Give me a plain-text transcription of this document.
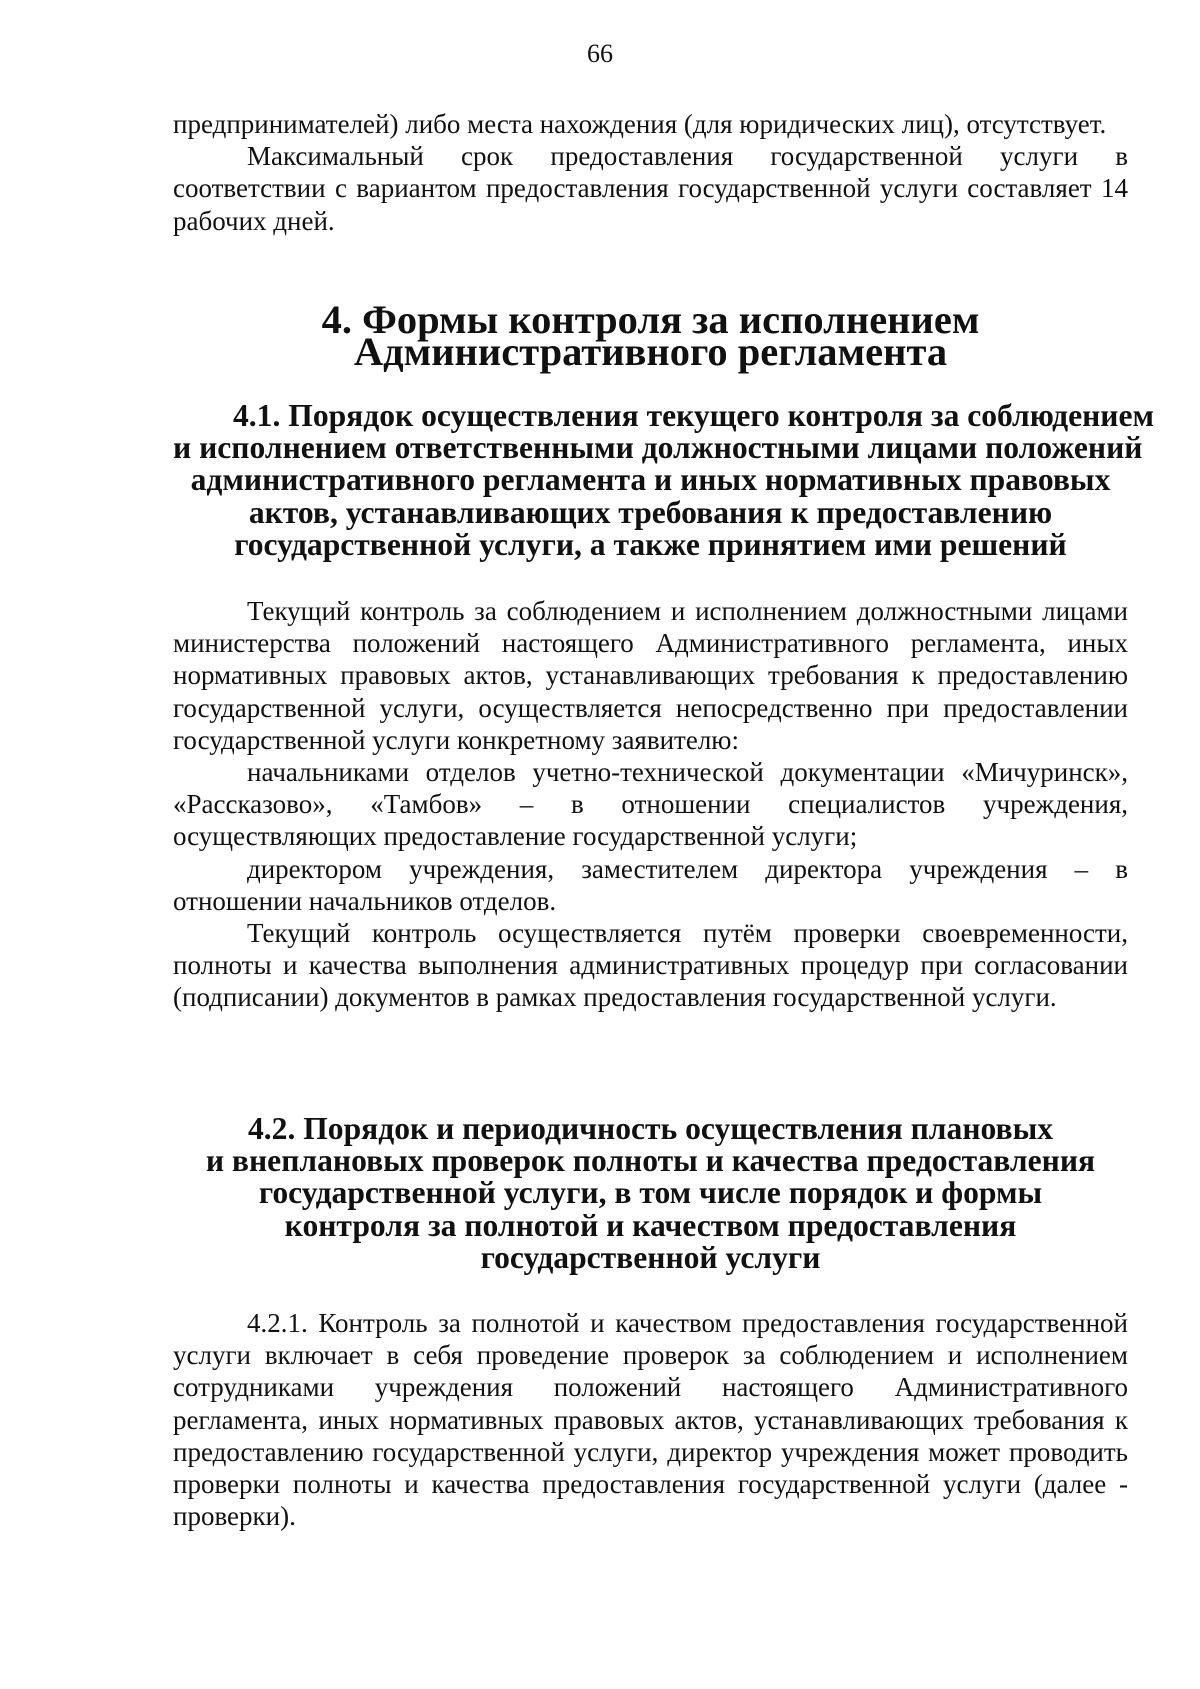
66

предпринимателей) либо места нахождения (для юридических лиц), отсутствует.

Максимальный срок предоставления государственной услуги в соответствии с вариантом предоставления государственной услуги составляет 14 рабочих дней.

4. Формы контроля за исполнением
Административного регламента
4.1. Порядок осуществления текущего контроля за соблюдением
и исполнением ответственными должностными лицами положений
административного регламента и иных нормативных правовых
актов, устанавливающих требования к предоставлению
государственной услуги, а также принятием ими решений

Текущий контроль за соблюдением и исполнением должностными лицами министерства положений настоящего Административного регламента, иных нормативных правовых актов, устанавливающих требования к предоставлению государственной услуги, осуществляется непосредственно при предоставлении государственной услуги конкретному заявителю:

начальниками отделов учетно-технической документации «Мичуринск», «Рассказово», «Тамбов» – в отношении специалистов учреждения, осуществляющих предоставление государственной услуги;

директором учреждения, заместителем директора учреждения – в отношении начальников отделов.

Текущий контроль осуществляется путём проверки своевременности, полноты и качества выполнения административных процедур при согласовании (подписании) документов в рамках предоставления государственной услуги.

4.2. Порядок и периодичность осуществления плановых
и внеплановых проверок полноты и качества предоставления
государственной услуги, в том числе порядок и формы
контроля за полнотой и качеством предоставления
государственной услуги

4.2.1. Контроль за полнотой и качеством предоставления государственной услуги включает в себя проведение проверок за соблюдением и исполнением сотрудниками учреждения положений настоящего Административного регламента, иных нормативных правовых актов, устанавливающих требования к предоставлению государственной услуги, директор учреждения может проводить проверки полноты и качества предоставления государственной услуги (далее - проверки).
